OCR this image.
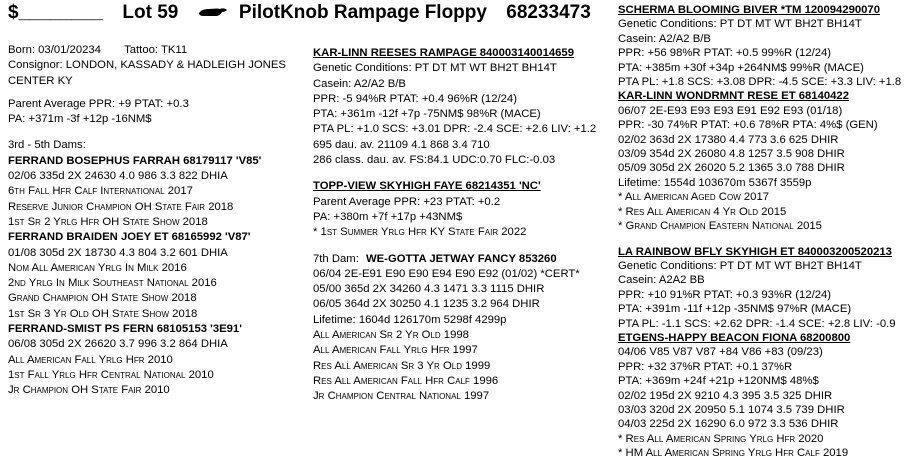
$________ Lot 59	PilotKnob Rampage Floppy 68233473
Born: 03/01/20234 Tattoo: TK11
Consignor: LONDON, KASSADY & HADLEIGH JONES
CENTER KY
Parent Average PPR: +9 PTAT: +0.3
PA: +371m -3f +12p -16NM$
3rd - 5th Dams:
FERRAND BOSEPHUS FARRAH 68179117 'V85'
02/06 335d 2X 24630 4.0 986 3.3 822 DHIA
6th Fall Hfr Calf International 2017
Reserve Junior Champion OH State Fair 2018
1st Sr 2 Yrlg Hfr OH State Show 2018
FERRAND BRAIDEN JOEY ET 68165992 'V87'
01/08 305d 2X 18730 4.3 804 3.2 601 DHIA
Nom All American Yrlg In Milk 2016
2nd Yrlg In Milk Southeast National 2016
Grand Champion OH State Show 2018
1st Sr 3 Yr Old OH State Show 2018
FERRAND-SMIST PS FERN 68105153 '3E91'
06/08 305d 2X 26620 3.7 996 3.2 864 DHIA
All American Fall Yrlg Hfr 2010
1st Fall Yrlg Hfr Central National 2010
Jr Champion OH State Fair 2010
KAR-LINN REESES RAMPAGE 840003140014659
Genetic Conditions: PT DT MT WT BH2T BH14T
Casein: A2/A2 B/B
PPR: -5 94%R PTAT: +0.4 96%R (12/24)
PTA: +361m -12f +7p -75NM$ 98%R (MACE)
PTA PL: +1.0 SCS: +3.01 DPR: -2.4 SCE: +2.6 LIV: +1.2
695 dau. av. 21109 4.1 868 3.4 710
286 class. dau. av. FS:84.1 UDC:0.70 FLC:-0.03
TOPP-VIEW SKYHIGH FAYE 68214351 'NC'
Parent Average PPR: +23 PTAT: +0.2
PA: +380m +7f +17p +43NM$
* 1st Summer Yrlg Hfr KY State Fair 2022
7th Dam: WE-GOTTA JETWAY FANCY 853260
06/04 2E-E91 E90 E90 E94 E90 E92 (01/02) *CERT*
05/00 365d 2X 34260 4.3 1471 3.3 1115 DHIR
06/05 364d 2X 30250 4.1 1235 3.2 964 DHIR
Lifetime: 1604d 126170m 5298f 4299p
All American Sr 2 Yr Old 1998
All American Fall Yrlg Hfr 1997
Res All American Sr 3 Yr Old 1999
Res All American Fall Hfr Calf 1996
Jr Champion Central National 1997
SCHERMA BLOOMING BIVER *TM 120094290070
Genetic Conditions: PT DT MT WT BH2T BH14T
Casein: A2/A2 B/B
PPR: +56 98%R PTAT: +0.5 99%R (12/24)
PTA: +385m +30f +34p +264NM$ 99%R (MACE)
PTA PL: +1.8 SCS: +3.08 DPR: -4.5 SCE: +3.3 LIV: +1.8
KAR-LINN WONDRMNT RESE ET 68140422
06/07 2E-E93 E93 E93 E91 E92 E93 (01/18)
PPR: -30 74%R PTAT: +0.6 78%R PTA: 4%$ (GEN)
02/02 363d 2X 17380 4.4 773 3.6 625 DHIR
03/09 354d 2X 26080 4.8 1257 3.5 908 DHIR
05/09 305d 2X 26020 5.2 1365 3.0 788 DHIR
Lifetime: 1554d 103670m 5367f 3559p
* All American Aged Cow 2017
* Res All American 4 Yr Old 2015
* Grand Champion Eastern National 2015
LA RAINBOW BFLY SKYHIGH ET 840003200520213
Genetic Conditions: PT DT MT WT BH2T BH14T
Casein: A2A2 BB
PPR: +10 91%R PTAT: +0.3 93%R (12/24)
PTA: +391m -11f +12p -35NM$ 97%R (MACE)
PTA PL: -1.1 SCS: +2.62 DPR: -1.4 SCE: +2.8 LIV: -0.9
ETGENS-HAPPY BEACON FIONA 68200800
04/06 V85 V87 V87 +84 V86 +83 (09/23)
PPR: +32 37%R PTAT: +0.1 37%R
PTA: +369m +24f +21p +120NM$ 48%$
02/02 195d 2X 9210 4.3 395 3.5 325 DHIR
03/03 320d 2X 20950 5.1 1074 3.5 739 DHIR
04/03 225d 2X 16290 6.0 972 3.3 536 DHIR
* Res All American Spring Yrlg Hfr 2020
* HM All American Spring Yrlg Hfr Calf 2019
